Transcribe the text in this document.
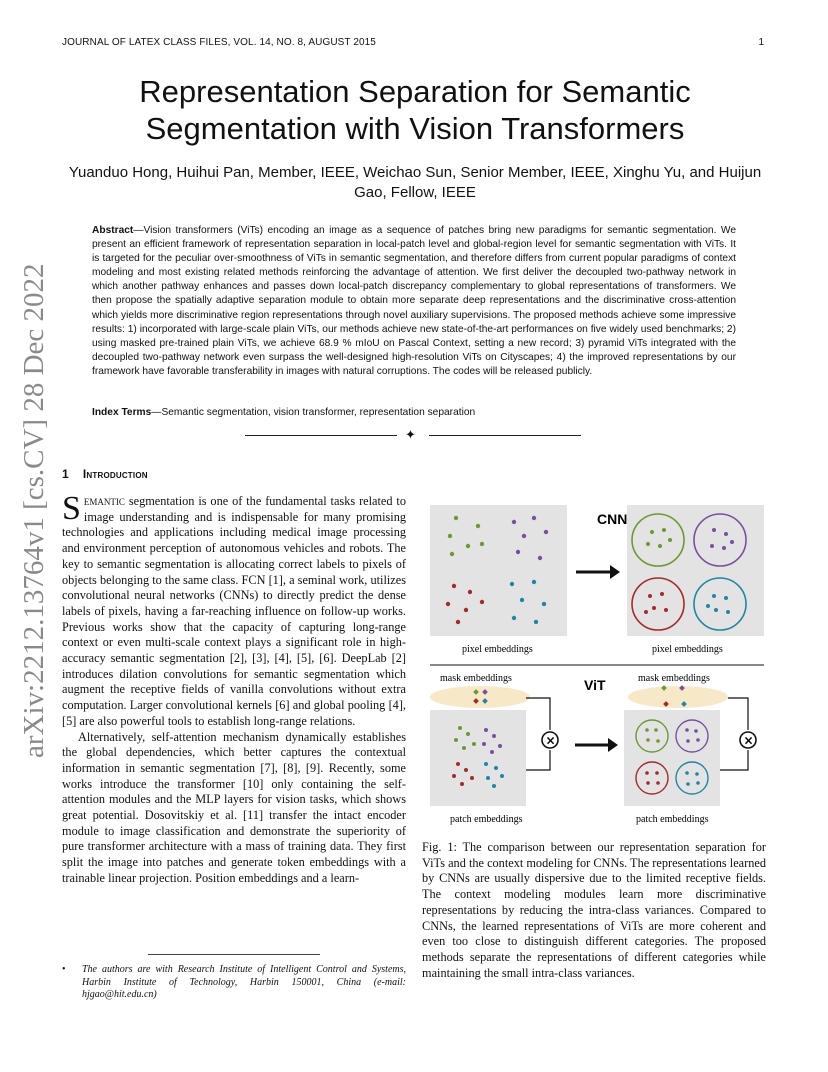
JOURNAL OF LATEX CLASS FILES, VOL. 14, NO. 8, AUGUST 2015	1
arXiv:2212.13764v1 [cs.CV] 28 Dec 2022
Representation Separation for Semantic Segmentation with Vision Transformers
Yuanduo Hong, Huihui Pan, Member, IEEE, Weichao Sun, Senior Member, IEEE, Xinghu Yu, and Huijun Gao, Fellow, IEEE
Abstract—Vision transformers (ViTs) encoding an image as a sequence of patches bring new paradigms for semantic segmentation. We present an efficient framework of representation separation in local-patch level and global-region level for semantic segmentation with ViTs. It is targeted for the peculiar over-smoothness of ViTs in semantic segmentation, and therefore differs from current popular paradigms of context modeling and most existing related methods reinforcing the advantage of attention. We first deliver the decoupled two-pathway network in which another pathway enhances and passes down local-patch discrepancy complementary to global representations of transformers. We then propose the spatially adaptive separation module to obtain more separate deep representations and the discriminative cross-attention which yields more discriminative region representations through novel auxiliary supervisions. The proposed methods achieve some impressive results: 1) incorporated with large-scale plain ViTs, our methods achieve new state-of-the-art performances on five widely used benchmarks; 2) using masked pre-trained plain ViTs, we achieve 68.9 % mIoU on Pascal Context, setting a new record; 3) pyramid ViTs integrated with the decoupled two-pathway network even surpass the well-designed high-resolution ViTs on Cityscapes; 4) the improved representations by our framework have favorable transferability in images with natural corruptions. The codes will be released publicly.
Index Terms—Semantic segmentation, vision transformer, representation separation
✦
1 Introduction

Semantic segmentation is one of the fundamental tasks related to image understanding and is indispensable for many promising technologies and applications including medical image processing and environment perception of autonomous vehicles and robots. The key to semantic segmentation is allocating correct labels to pixels of objects belonging to the same class. FCN [1], a seminal work, utilizes convolutional neural networks (CNNs) to directly predict the dense labels of pixels, having a far-reaching influence on follow-up works. Previous works show that the capacity of capturing long-range context or even multi-scale context plays a significant role in high-accuracy semantic segmentation [2], [3], [4], [5], [6]. DeepLab [2] introduces dilation convolutions for semantic segmentation which augment the receptive fields of vanilla convolutions without extra computation. Larger convolutional kernels [6] and global pooling [4], [5] are also powerful tools to establish long-range relations.

Alternatively, self-attention mechanism dynamically establishes the global dependencies, which better captures the contextual information in semantic segmentation [7], [8], [9]. Recently, some works introduce the transformer [10] only containing the self-attention modules and the MLP layers for vision tasks, which shows great potential. Dosovitskiy et al. [11] transfer the intact encoder module to image classification and demonstrate the superiority of pure transformer architecture with a mass of training data. They first split the image into patches and generate token embeddings with a trainable linear projection. Position embeddings and a learn-

•	The authors are with Research Institute of Intelligent Control and Systems, Harbin Institute of Technology, Harbin 150001, China (e-mail: hjgao@hit.edu.cn)
CNN
pixel embeddings	pixel embeddings
mask embeddings	mask embeddings
ViT
×	×
patch embeddings	patch embeddings
Fig. 1: The comparison between our representation separation for ViTs and the context modeling for CNNs. The representations learned by CNNs are usually dispersive due to the limited receptive fields. The context modeling modules learn more discriminative representations by reducing the intra-class variances. Compared to CNNs, the learned representations of ViTs are more coherent and even too close to distinguish different categories. The proposed methods separate the representations of different categories while maintaining the small intra-class variances.
